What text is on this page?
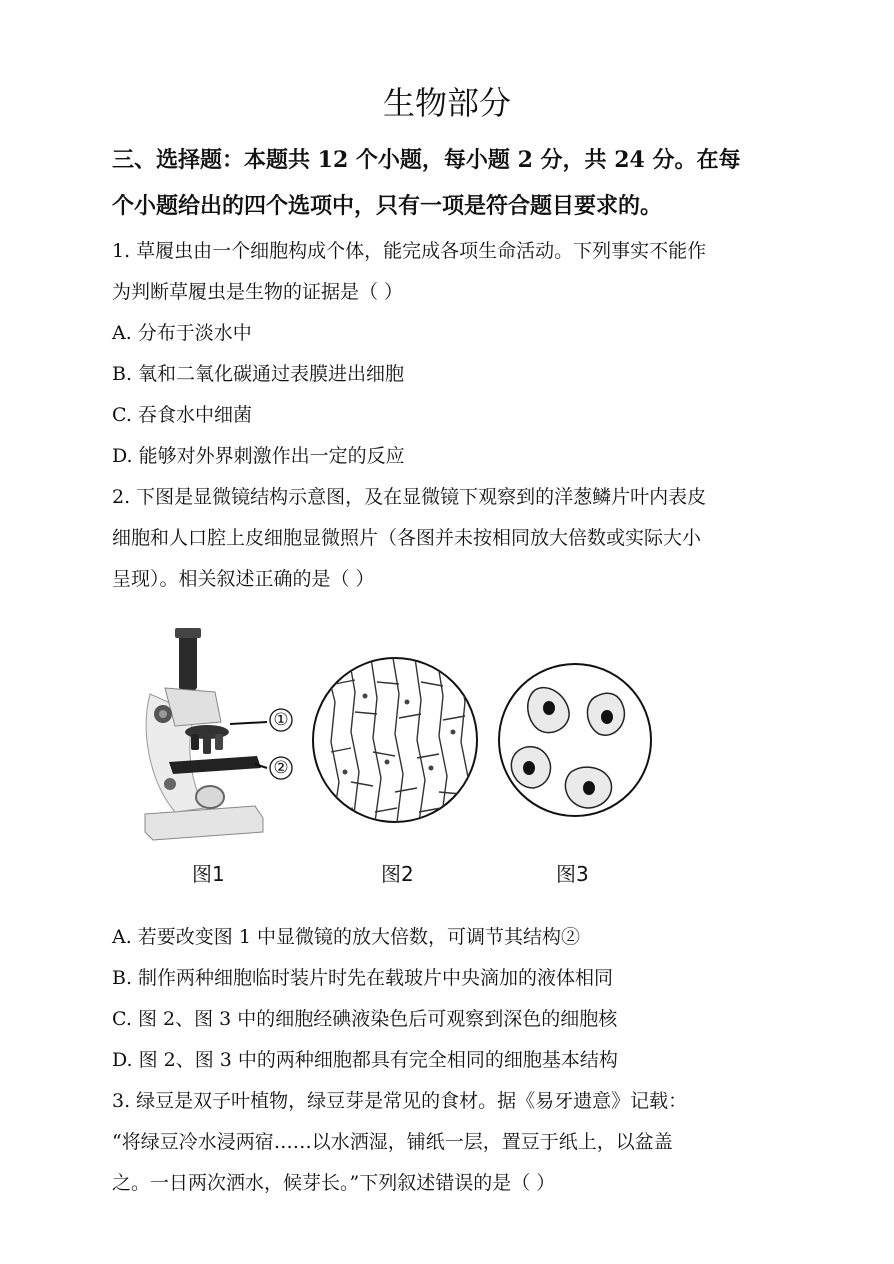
生物部分
三、选择题：本题共 12 个小题，每小题 2 分，共 24 分。在每
个小题给出的四个选项中，只有一项是符合题目要求的。
1. 草履虫由一个细胞构成个体，能完成各项生命活动。下列事实不能作
为判断草履虫是生物的证据是（ ）
A. 分布于淡水中
B. 氧和二氧化碳通过表膜进出细胞
C. 吞食水中细菌
D. 能够对外界刺激作出一定的反应
2. 下图是显微镜结构示意图，及在显微镜下观察到的洋葱鳞片叶内表皮
细胞和人口腔上皮细胞显微照片（各图并未按相同放大倍数或实际大小
呈现）。相关叙述正确的是（ ）
①
②
图1	图2	图3
A. 若要改变图 1 中显微镜的放大倍数，可调节其结构②
B. 制作两种细胞临时装片时先在载玻片中央滴加的液体相同
C. 图 2、图 3 中的细胞经碘液染色后可观察到深色的细胞核
D. 图 2、图 3 中的两种细胞都具有完全相同的细胞基本结构
3. 绿豆是双子叶植物，绿豆芽是常见的食材。据《易牙遗意》记载：
“将绿豆冷水浸两宿……以水洒湿，铺纸一层，置豆于纸上，以盆盖
之。一日两次洒水，候芽长。”下列叙述错误的是（ ）
